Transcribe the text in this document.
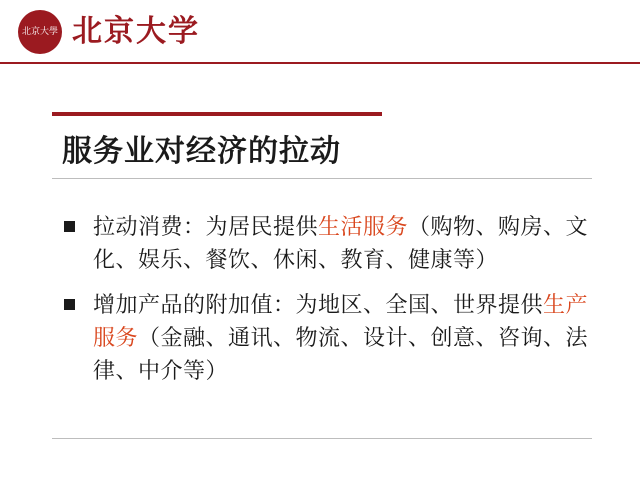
北京大學 北京大学
服务业对经济的拉动
拉动消费：为居民提供生活服务（购物、购房、文化、娱乐、餐饮、休闲、教育、健康等）
增加产品的附加值：为地区、全国、世界提供生产服务（金融、通讯、物流、设计、创意、咨询、法律、中介等）
